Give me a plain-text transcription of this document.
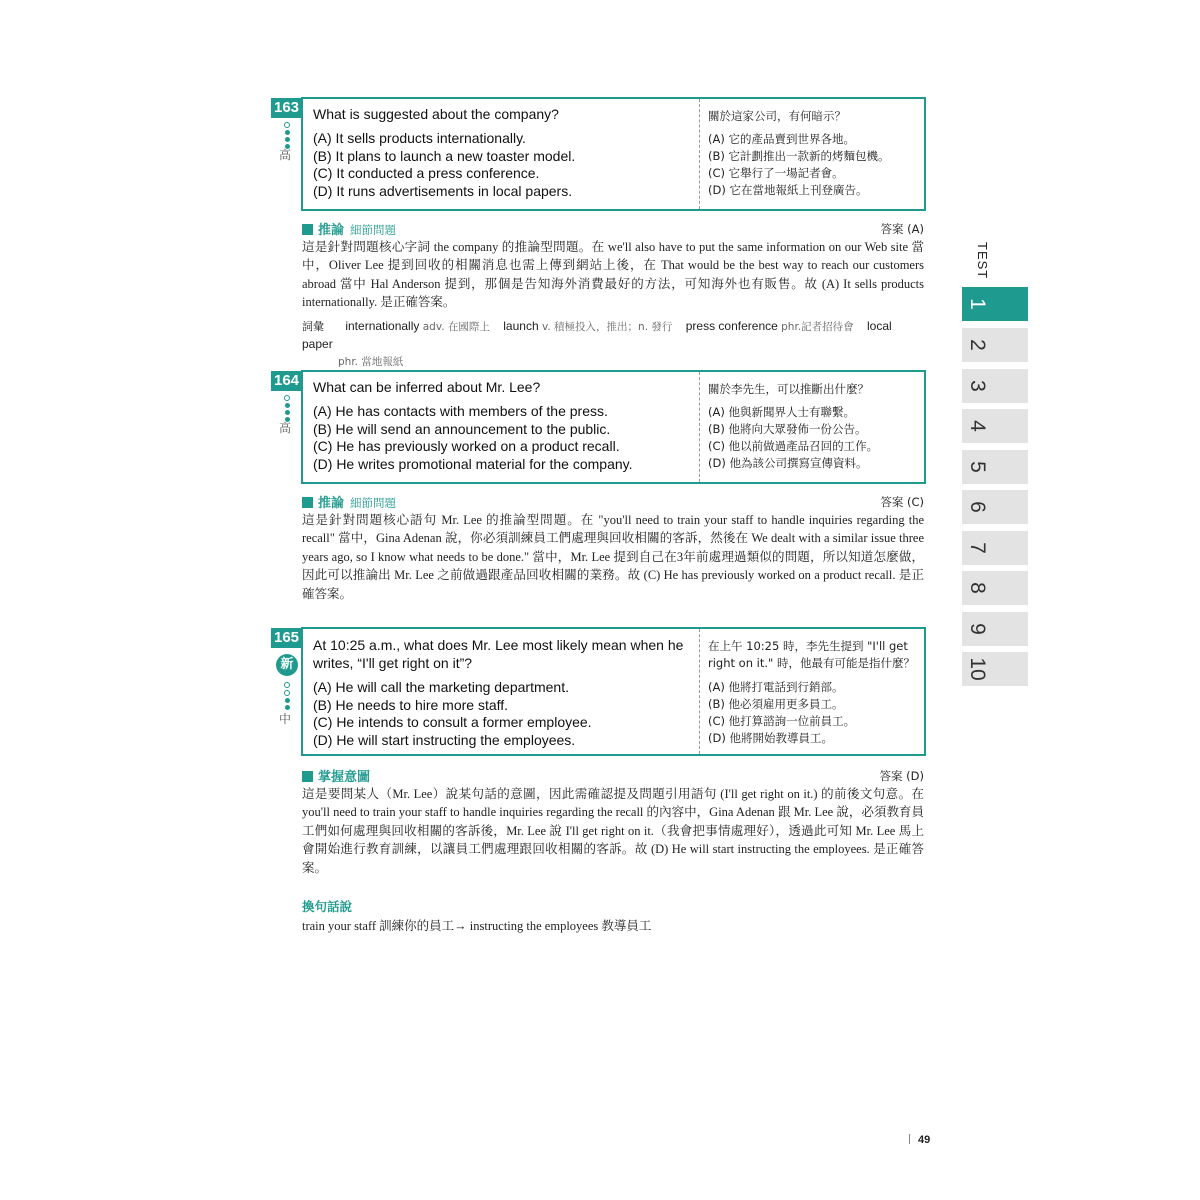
163
高
What is suggested about the company?
(A) It sells products internationally.
(B) It plans to launch a new toaster model.
(C) It conducted a press conference.
(D) It runs advertisements in local papers.
關於這家公司，有何暗示？
(A) 它的產品賣到世界各地。
(B) 它計劃推出一款新的烤麵包機。
(C) 它舉行了一場記者會。
(D) 它在當地報紙上刊登廣告。
推論 細節問題	答案 (A)
這是針對問題核心字詞 the company 的推論型問題。在 we'll also have to put the same information on our Web site 當中，Oliver Lee 提到回收的相關消息也需上傳到網站上後，在 That would be the best way to reach our customers abroad 當中 Hal Anderson 提到，那個是告知海外消費最好的方法，可知海外也有販售。故 (A) It sells products internationally. 是正確答案。
詞彙 internationally adv. 在國際上 launch v. 積極投入，推出；n. 發行 press conference phr.記者招待會 local paper
phr. 當地報紙
164
高
What can be inferred about Mr. Lee?
(A) He has contacts with members of the press.
(B) He will send an announcement to the public.
(C) He has previously worked on a product recall.
(D) He writes promotional material for the company.
關於李先生，可以推斷出什麼？
(A) 他與新聞界人士有聯繫。
(B) 他將向大眾發佈一份公告。
(C) 他以前做過產品召回的工作。
(D) 他為該公司撰寫宣傳資料。
推論 細節問題	答案 (C)
這是針對問題核心語句 Mr. Lee 的推論型問題。在 "you'll need to train your staff to handle inquiries regarding the recall" 當中，Gina Adenan 說，你必須訓練員工們處理與回收相關的客訴，然後在 We dealt with a similar issue three years ago, so I know what needs to be done." 當中，Mr. Lee 提到自己在3年前處理過類似的問題，所以知道怎麼做，因此可以推論出 Mr. Lee 之前做過跟產品回收相關的業務。故 (C) He has previously worked on a product recall. 是正確答案。
165
新
中
At 10:25 a.m., what does Mr. Lee most likely mean when he writes, “I'll get right on it”?
(A) He will call the marketing department.
(B) He needs to hire more staff.
(C) He intends to consult a former employee.
(D) He will start instructing the employees.
在上午 10:25 時，李先生提到 "I'll get right on it." 時，他最有可能是指什麼？
(A) 他將打電話到行銷部。
(B) 他必須雇用更多員工。
(C) 他打算諮詢一位前員工。
(D) 他將開始教導員工。
掌握意圖	答案 (D)
這是要問某人（Mr. Lee）說某句話的意圖，因此需確認提及問題引用語句 (I'll get right on it.) 的前後文句意。在 you'll need to train your staff to handle inquiries regarding the recall 的內容中，Gina Adenan 跟 Mr. Lee 說，必須教育員工們如何處理與回收相關的客訴後，Mr. Lee 說 I'll get right on it.（我會把事情處理好），透過此可知 Mr. Lee 馬上會開始進行教育訓練，以讓員工們處理跟回收相關的客訴。故 (D) He will start instructing the employees. 是正確答案。
換句話說
train your staff 訓練你的員工→ instructing the employees 教導員工
TEST
1
2
3
4
5
6
7
8
9
10
49
